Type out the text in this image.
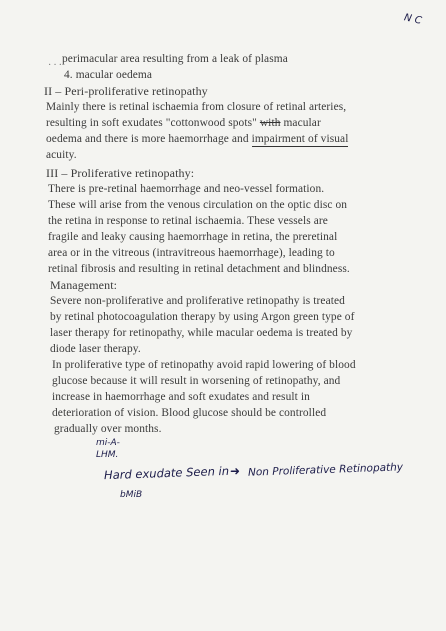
···
perimacular area resulting from a leak of plasma
4. macular oedema
II – Peri-proliferative retinopathy
Mainly there is retinal ischaemia from closure of retinal arteries,
resulting in soft exudates "cottonwood spots" with macular
oedema and there is more haemorrhage and impairment of visual
acuity.
III – Proliferative retinopathy:
There is pre-retinal haemorrhage and neo-vessel formation.
These will arise from the venous circulation on the optic disc on
the retina in response to retinal ischaemia. These vessels are
fragile and leaky causing haemorrhage in retina, the preretinal
area or in the vitreous (intravitreous haemorrhage), leading to
retinal fibrosis and resulting in retinal detachment and blindness.
Management:
Severe non-proliferative and proliferative retinopathy is treated
by retinal photocoagulation therapy by using Argon green type of
laser therapy for retinopathy, while macular oedema is treated by
diode laser therapy.
In proliferative type of retinopathy avoid rapid lowering of blood
glucose because it will result in worsening of retinopathy, and
increase in haemorrhage and soft exudates and result in
deterioration of vision. Blood glucose should be controlled
gradually over months.
N C
mi-A-
LHM.
Hard exudate Seen in ➜ Non Proliferative Retinopathy
bMiB
